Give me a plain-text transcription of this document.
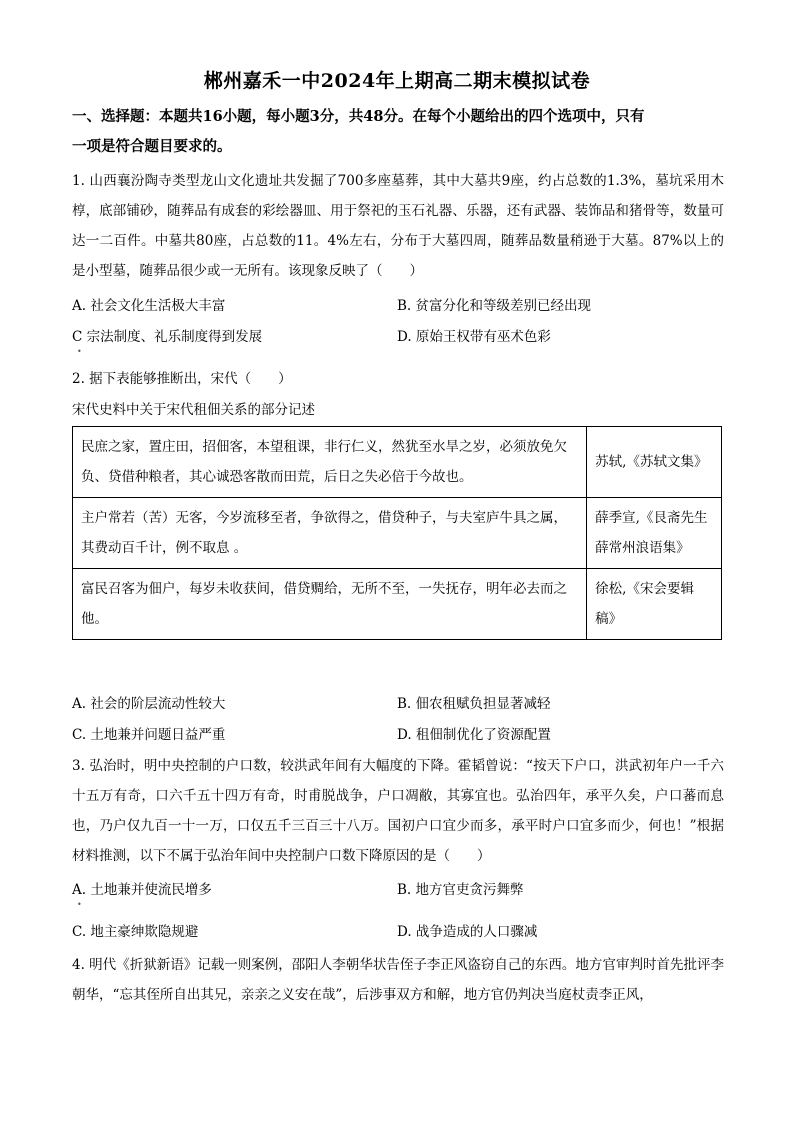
郴州嘉禾一中2024年上期高二期末模拟试卷
一、选择题：本题共16小题，每小题3分，共48分。在每个小题给出的四个选项中，只有
一项是符合题目要求的。
1. 山西襄汾陶寺类型龙山文化遗址共发掘了700多座墓葬，其中大墓共9座，约占总数的1.3%，墓坑采用木椁，底部铺砂，随葬品有成套的彩绘器皿、用于祭祀的玉石礼器、乐器，还有武器、装饰品和猪骨等，数量可达一二百件。中墓共80座，占总数的11。4%左右，分布于大墓四周，随葬品数量稍逊于大墓。87%以上的是小型墓，随葬品很少或一无所有。该现象反映了（　　）
A. 社会文化生活极大丰富	B. 贫富分化和等级差别已经出现
C 宗法制度、礼乐制度得到发展	D. 原始王权带有巫术色彩
•
2. 据下表能够推断出，宋代（　　）
宋代史料中关于宋代租佃关系的部分记述
民庶之家，置庄田，招佃客，本望租课，非行仁义，然犹至水旱之岁，必须放免欠负、贷借种粮者，其心诚恐客散而田荒，后日之失必倍于今故也。	苏轼,《苏轼文集》
主户常若（苦）无客，今岁流移至者，争欲得之，借贷种子，与夫室庐牛具之属，其费动百千计，例不取息 。	薛季宣,《艮斋先生薛常州浪语集》
富民召客为佃户，每岁未收获间，借贷赒给，无所不至，一失抚存，明年必去而之他。	徐松,《宋会要辑稿》
A. 社会的阶层流动性较大	B. 佃农租赋负担显著减轻
C. 土地兼并问题日益严重	D. 租佃制优化了资源配置
3. 弘治时，明中央控制的户口数，较洪武年间有大幅度的下降。霍韬曾说：“按天下户口，洪武初年户一千六十五万有奇，口六千五十四万有奇，时甫脱战争，户口凋敝，其寡宜也。弘治四年，承平久矣，户口蕃而息也，乃户仅九百一十一万，口仅五千三百三十八万。国初户口宜少而多，承平时户口宜多而少，何也！”根据材料推测，以下不属于弘治年间中央控制户口数下降原因的是（　　）
A. 土地兼并使流民增多	B. 地方官吏贪污舞弊
•
C. 地主豪绅欺隐规避	D. 战争造成的人口骤减
4. 明代《折狱新语》记载一则案例，邵阳人李朝华状告侄子李正风盗窃自己的东西。地方官审判时首先批评李朝华，“忘其侄所自出其兄，亲亲之义安在哉”，后涉事双方和解，地方官仍判决当庭杖责李正风，
